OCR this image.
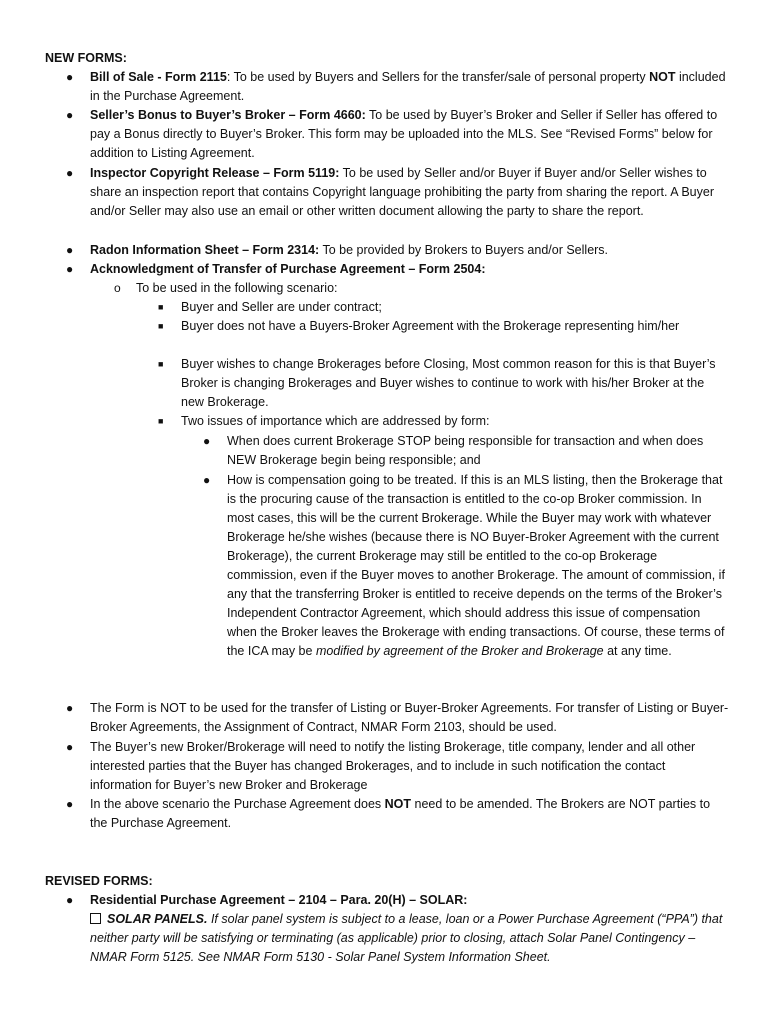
NEW FORMS:
● Bill of Sale - Form 2115: To be used by Buyers and Sellers for the transfer/sale of personal property NOT included in the Purchase Agreement.
● Seller’s Bonus to Buyer’s Broker – Form 4660: To be used by Buyer’s Broker and Seller if Seller has offered to pay a Bonus directly to Buyer’s Broker. This form may be uploaded into the MLS. See “Revised Forms” below for addition to Listing Agreement.
● Inspector Copyright Release – Form 5119: To be used by Seller and/or Buyer if Buyer and/or Seller wishes to share an inspection report that contains Copyright language prohibiting the party from sharing the report. A Buyer and/or Seller may also use an email or other written document allowing the party to share the report.
● Radon Information Sheet – Form 2314: To be provided by Brokers to Buyers and/or Sellers.
● Acknowledgment of Transfer of Purchase Agreement – Form 2504:
o To be used in the following scenario:
■ Buyer and Seller are under contract;
■ Buyer does not have a Buyers-Broker Agreement with the Brokerage representing him/her
■ Buyer wishes to change Brokerages before Closing, Most common reason for this is that Buyer’s Broker is changing Brokerages and Buyer wishes to continue to work with his/her Broker at the new Brokerage.
■ Two issues of importance which are addressed by form:
● When does current Brokerage STOP being responsible for transaction and when does NEW Brokerage begin being responsible; and
● How is compensation going to be treated. If this is an MLS listing, then the Brokerage that is the procuring cause of the transaction is entitled to the co-op Broker commission. In most cases, this will be the current Brokerage. While the Buyer may work with whatever Brokerage he/she wishes (because there is NO Buyer-Broker Agreement with the current Brokerage), the current Brokerage may still be entitled to the co-op Brokerage commission, even if the Buyer moves to another Brokerage. The amount of commission, if any that the transferring Broker is entitled to receive depends on the terms of the Broker’s Independent Contractor Agreement, which should address this issue of compensation when the Broker leaves the Brokerage with ending transactions. Of course, these terms of the ICA may be modified by agreement of the Broker and Brokerage at any time.
● The Form is NOT to be used for the transfer of Listing or Buyer-Broker Agreements. For transfer of Listing or Buyer-Broker Agreements, the Assignment of Contract, NMAR Form 2103, should be used.
● The Buyer’s new Broker/Brokerage will need to notify the listing Brokerage, title company, lender and all other interested parties that the Buyer has changed Brokerages, and to include in such notification the contact information for Buyer’s new Broker and Brokerage
● In the above scenario the Purchase Agreement does NOT need to be amended. The Brokers are NOT parties to the Purchase Agreement.
REVISED FORMS:
● Residential Purchase Agreement – 2104 – Para. 20(H) – SOLAR:
SOLAR PANELS. If solar panel system is subject to a lease, loan or a Power Purchase Agreement (“PPA”) that neither party will be satisfying or terminating (as applicable) prior to closing, attach Solar Panel Contingency – NMAR Form 5125. See NMAR Form 5130 - Solar Panel System Information Sheet.
